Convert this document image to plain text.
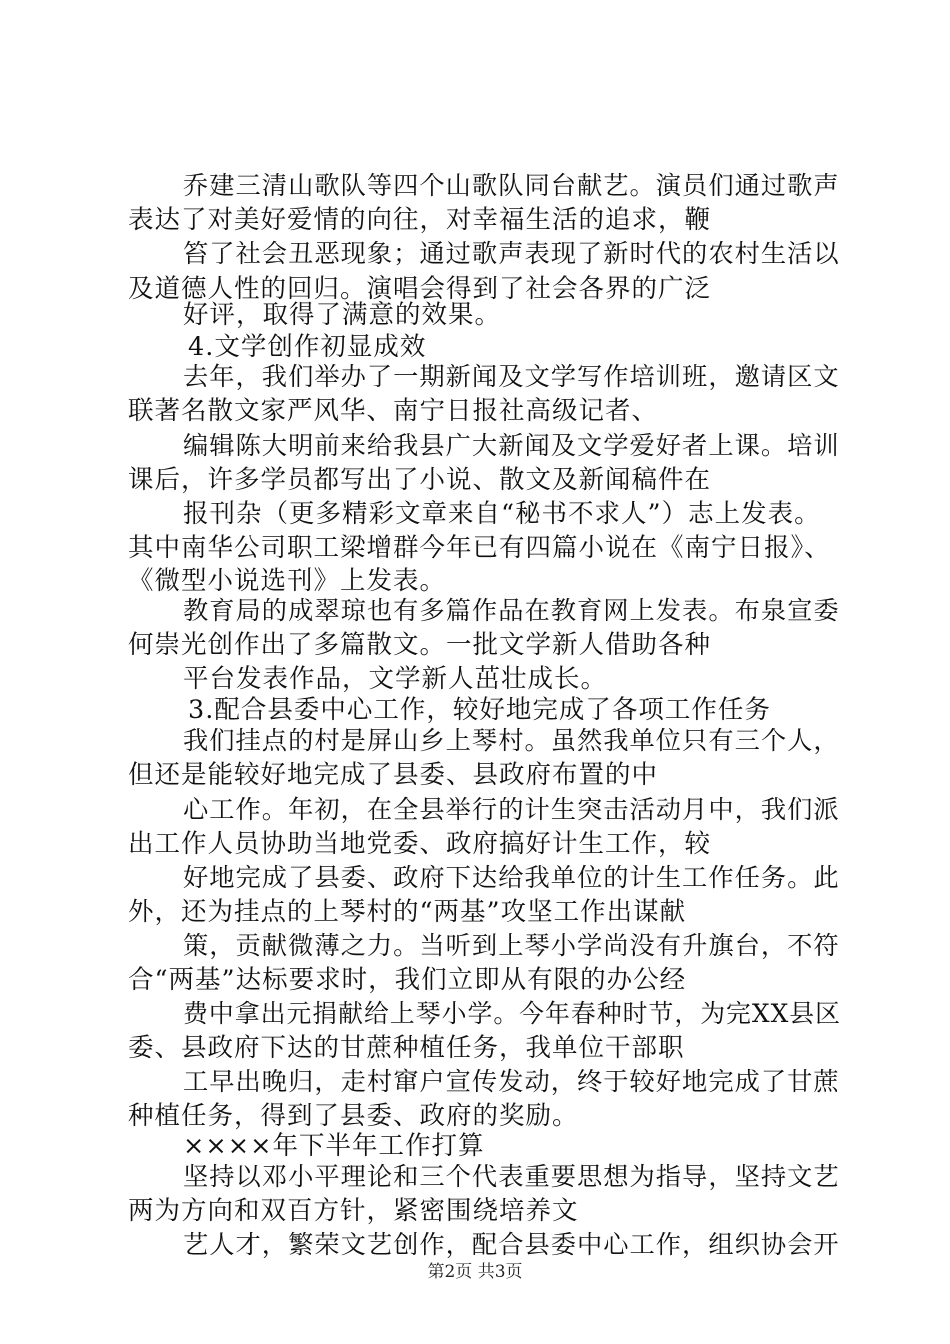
乔建三清山歌队等四个山歌队同台献艺。演员们通过歌声
表达了对美好爱情的向往，对幸福生活的追求，鞭
笞了社会丑恶现象；通过歌声表现了新时代的农村生活以
及道德人性的回归。演唱会得到了社会各界的广泛
好评，取得了满意的效果。
4.文学创作初显成效
去年，我们举办了一期新闻及文学写作培训班，邀请区文
联著名散文家严风华、南宁日报社高级记者、
编辑陈大明前来给我县广大新闻及文学爱好者上课。培训
课后，许多学员都写出了小说、散文及新闻稿件在
报刊杂（更多精彩文章来自“秘书不求人”）志上发表。
其中南华公司职工梁增群今年已有四篇小说在《南宁日报》、
《微型小说选刊》上发表。
教育局的成翠琼也有多篇作品在教育网上发表。布泉宣委
何崇光创作出了多篇散文。一批文学新人借助各种
平台发表作品，文学新人茁壮成长。
3.配合县委中心工作，较好地完成了各项工作任务
我们挂点的村是屏山乡上琴村。虽然我单位只有三个人，
但还是能较好地完成了县委、县政府布置的中
心工作。年初，在全县举行的计生突击活动月中，我们派
出工作人员协助当地党委、政府搞好计生工作，较
好地完成了县委、政府下达给我单位的计生工作任务。此
外，还为挂点的上琴村的“两基”攻坚工作出谋献
策，贡献微薄之力。当听到上琴小学尚没有升旗台，不符
合“两基”达标要求时，我们立即从有限的办公经
费中拿出元捐献给上琴小学。今年春种时节，为完XX县区
委、县政府下达的甘蔗种植任务，我单位干部职
工早出晚归，走村窜户宣传发动，终于较好地完成了甘蔗
种植任务，得到了县委、政府的奖励。
××××年下半年工作打算
坚持以邓小平理论和三个代表重要思想为指导，坚持文艺
两为方向和双百方针，紧密围绕培养文
艺人才，繁荣文艺创作，配合县委中心工作，组织协会开
第2页 共3页
